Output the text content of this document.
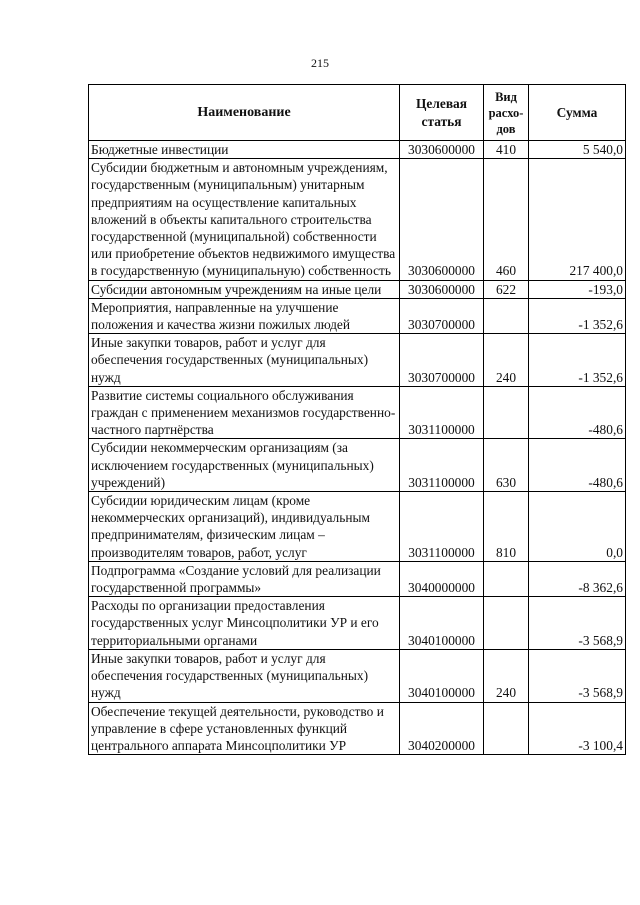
215
Наименование	Целевая статья	Вид расхо-дов	Сумма
Бюджетные инвестиции	3030600000	410	5 540,0
Субсидии бюджетным и автономным учреждениям, государственным (муниципальным) унитарным предприятиям на осуществление капитальных вложений в объекты капитального строительства государственной (муниципальной) собственности или приобретение объектов недвижимого имущества в государственную (муниципальную) собственность	3030600000	460	217 400,0
Субсидии автономным учреждениям на иные цели	3030600000	622	-193,0
Мероприятия, направленные на улучшение положения и качества жизни пожилых людей	3030700000		-1 352,6
Иные закупки товаров, работ и услуг для обеспечения государственных (муниципальных) нужд	3030700000	240	-1 352,6
Развитие системы социального обслуживания граждан с применением механизмов государственно-частного партнёрства	3031100000		-480,6
Субсидии некоммерческим организациям (за исключением государственных (муниципальных) учреждений)	3031100000	630	-480,6
Субсидии юридическим лицам (кроме некоммерческих организаций), индивидуальным предпринимателям, физическим лицам – производителям товаров, работ, услуг	3031100000	810	0,0
Подпрограмма «Создание условий для реализации государственной программы»	3040000000		-8 362,6
Расходы по организации предоставления государственных услуг Минсоцполитики УР и его территориальными органами	3040100000		-3 568,9
Иные закупки товаров, работ и услуг для обеспечения государственных (муниципальных) нужд	3040100000	240	-3 568,9
Обеспечение текущей деятельности, руководство и управление в сфере установленных функций центрального аппарата Минсоцполитики УР	3040200000		-3 100,4
